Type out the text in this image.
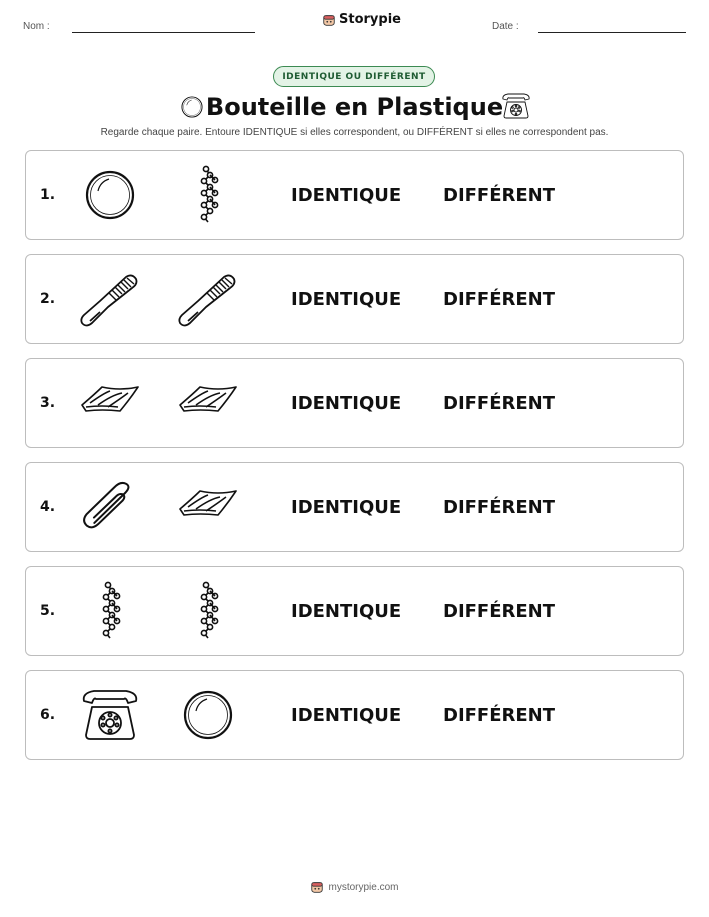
Nom :	Storypie	Date :
IDENTIQUE OU DIFFÉRENT
Bouteille en Plastique
Regarde chaque paire. Entoure IDENTIQUE si elles correspondent, ou DIFFÉRENT si elles ne correspondent pas.
1.	IDENTIQUE DIFFÉRENT
2.	IDENTIQUE DIFFÉRENT
3.	IDENTIQUE DIFFÉRENT
4.	IDENTIQUE DIFFÉRENT
5.	IDENTIQUE DIFFÉRENT
6.	IDENTIQUE DIFFÉRENT
mystorypie.com
